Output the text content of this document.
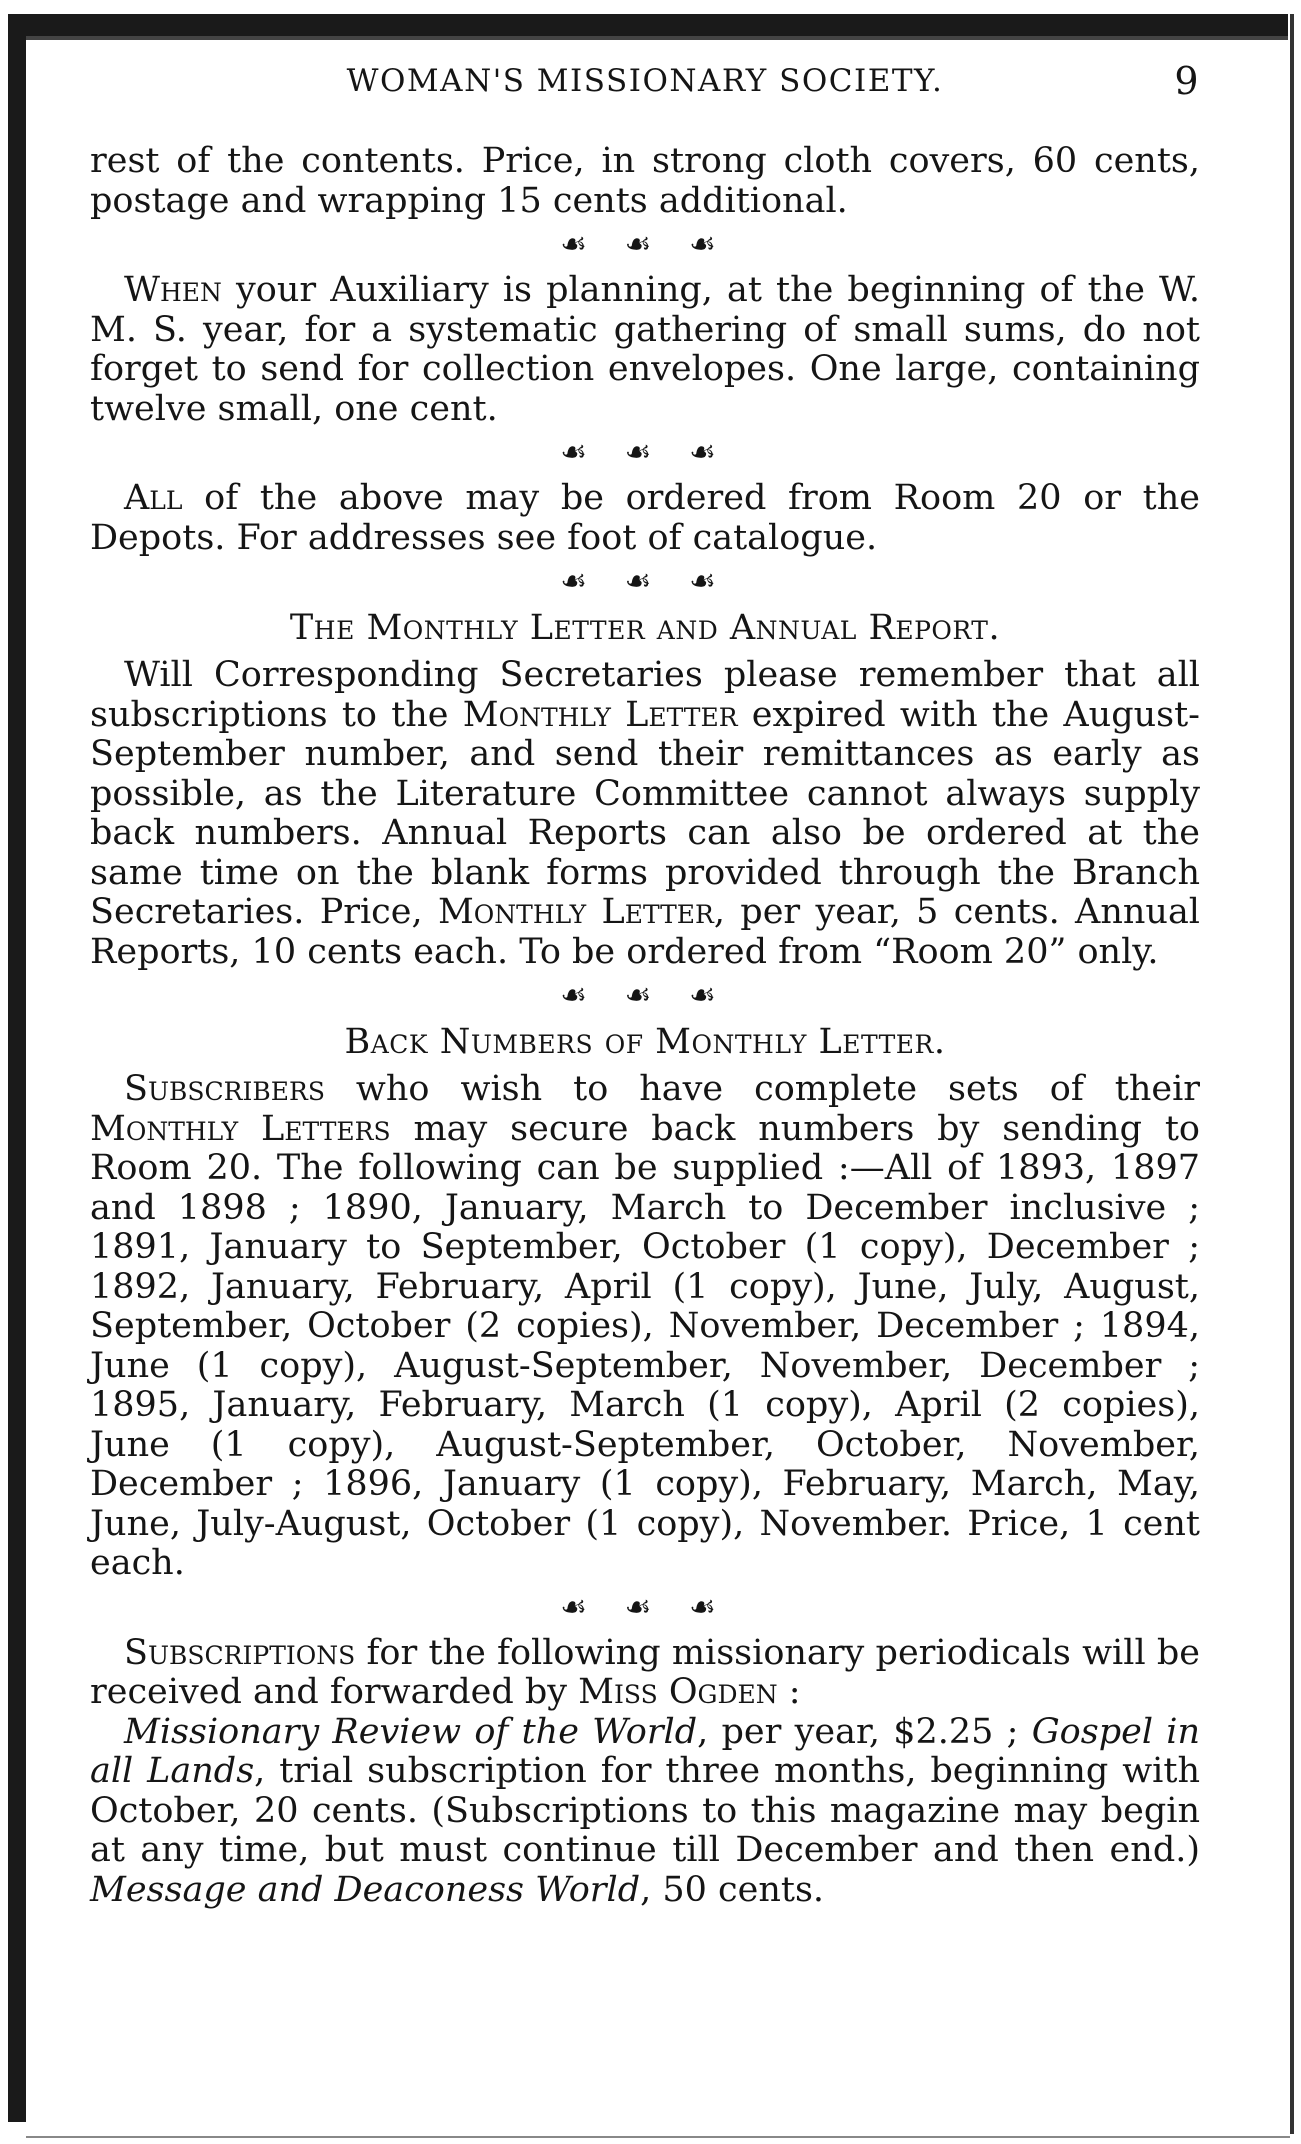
WOMAN'S MISSIONARY SOCIETY.	9

rest of the contents. Price, in strong cloth covers, 60 cents, postage and wrapping 15 cents additional.

☙ ☙ ☙

When your Auxiliary is planning, at the beginning of the W. M. S. year, for a systematic gathering of small sums, do not forget to send for collection envelopes. One large, containing twelve small, one cent.

☙ ☙ ☙

All of the above may be ordered from Room 20 or the Depots. For addresses see foot of catalogue.

☙ ☙ ☙
The Monthly Letter and Annual Report.

Will Corresponding Secretaries please remember that all subscriptions to the Monthly Letter expired with the August-September number, and send their remittances as early as possible, as the Literature Committee cannot always supply back numbers. Annual Reports can also be ordered at the same time on the blank forms provided through the Branch Secretaries. Price, Monthly Letter, per year, 5 cents. Annual Reports, 10 cents each. To be ordered from “Room 20” only.

☙ ☙ ☙
Back Numbers of Monthly Letter.

Subscribers who wish to have complete sets of their Monthly Letters may secure back numbers by sending to Room 20. The following can be supplied :—All of 1893, 1897 and 1898 ; 1890, January, March to December inclusive ; 1891, January to September, October (1 copy), December ; 1892, January, February, April (1 copy), June, July, August, September, October (2 copies), November, December ; 1894, June (1 copy), August-September, November, December ; 1895, January, February, March (1 copy), April (2 copies), June (1 copy), August-September, October, November, December ; 1896, January (1 copy), February, March, May, June, July-August, October (1 copy), November. Price, 1 cent each.

☙ ☙ ☙

Subscriptions for the following missionary periodicals will be received and forwarded by Miss Ogden :

Missionary Review of the World, per year, $2.25 ; Gospel in all Lands, trial subscription for three months, beginning with October, 20 cents. (Subscriptions to this magazine may begin at any time, but must continue till December and then end.) Message and Deaconess World, 50 cents.
